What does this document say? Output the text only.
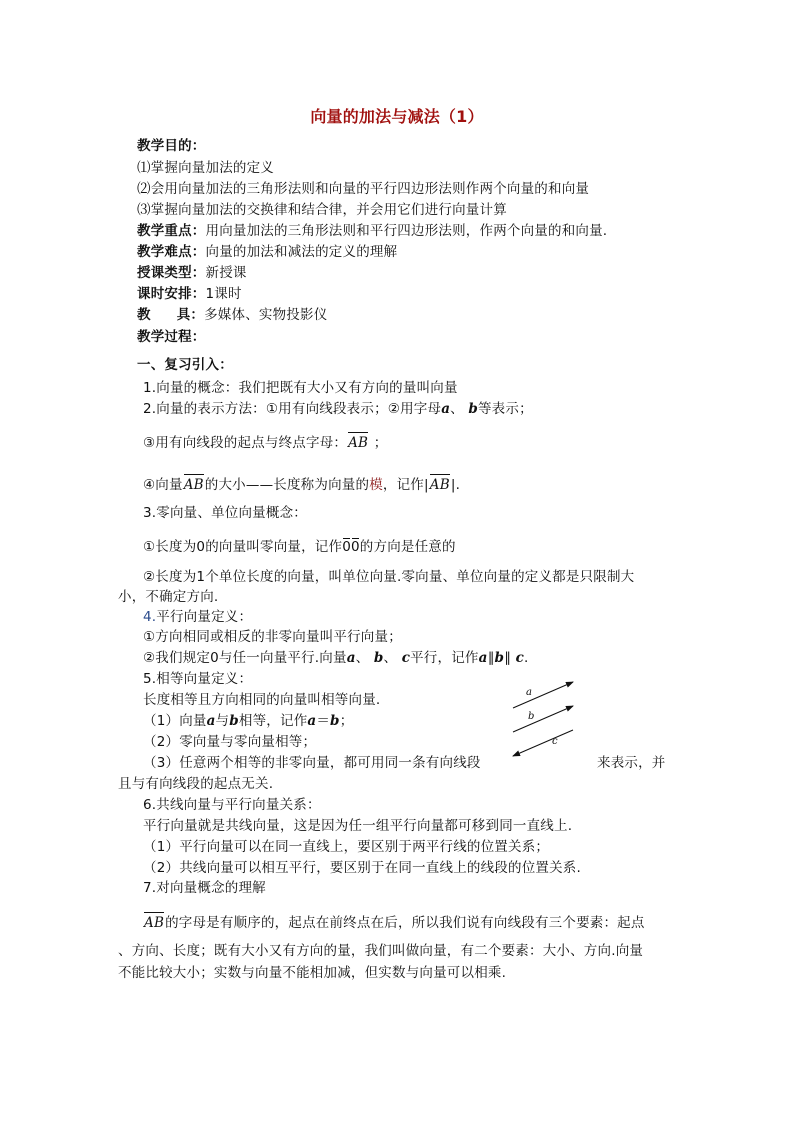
向量的加法与减法（1）
教学目的：
⑴掌握向量加法的定义
⑵会用向量加法的三角形法则和向量的平行四边形法则作两个向量的和向量
⑶掌握向量加法的交换律和结合律，并会用它们进行向量计算
教学重点：用向量加法的三角形法则和平行四边形法则，作两个向量的和向量.
教学难点：向量的加法和减法的定义的理解
授课类型：新授课
课时安排：1课时
教 具：多媒体、实物投影仪
教学过程：
一、复习引入：
1.向量的概念：我们把既有大小又有方向的量叫向量
2.向量的表示方法：①用有向线段表示；②用字母a、 b等表示；
③用有向线段的起点与终点字母：AB ；
④向量AB的大小——长度称为向量的模，记作|AB|.
3.零向量、单位向量概念：
①长度为0的向量叫零向量，记作00的方向是任意的
②长度为1个单位长度的向量，叫单位向量.零向量、单位向量的定义都是只限制大
小，不确定方向.
4.平行向量定义：
①方向相同或相反的非零向量叫平行向量；
②我们规定0与任一向量平行.向量a、 b、 c平行，记作a∥b∥ c.
5.相等向量定义：
长度相等且方向相同的向量叫相等向量.
（1）向量a与b相等，记作a＝b；
（2）零向量与零向量相等；
（3）任意两个相等的非零向量，都可用同一条有向线段	来表示，并
且与有向线段的起点无关.
a
b
c
6.共线向量与平行向量关系：
平行向量就是共线向量，这是因为任一组平行向量都可移到同一直线上.
（1）平行向量可以在同一直线上，要区别于两平行线的位置关系；
（2）共线向量可以相互平行，要区别于在同一直线上的线段的位置关系.
7.对向量概念的理解
AB的字母是有顺序的，起点在前终点在后，所以我们说有向线段有三个要素：起点
、方向、长度；既有大小又有方向的量，我们叫做向量，有二个要素：大小、方向.向量
不能比较大小；实数与向量不能相加减，但实数与向量可以相乘.
